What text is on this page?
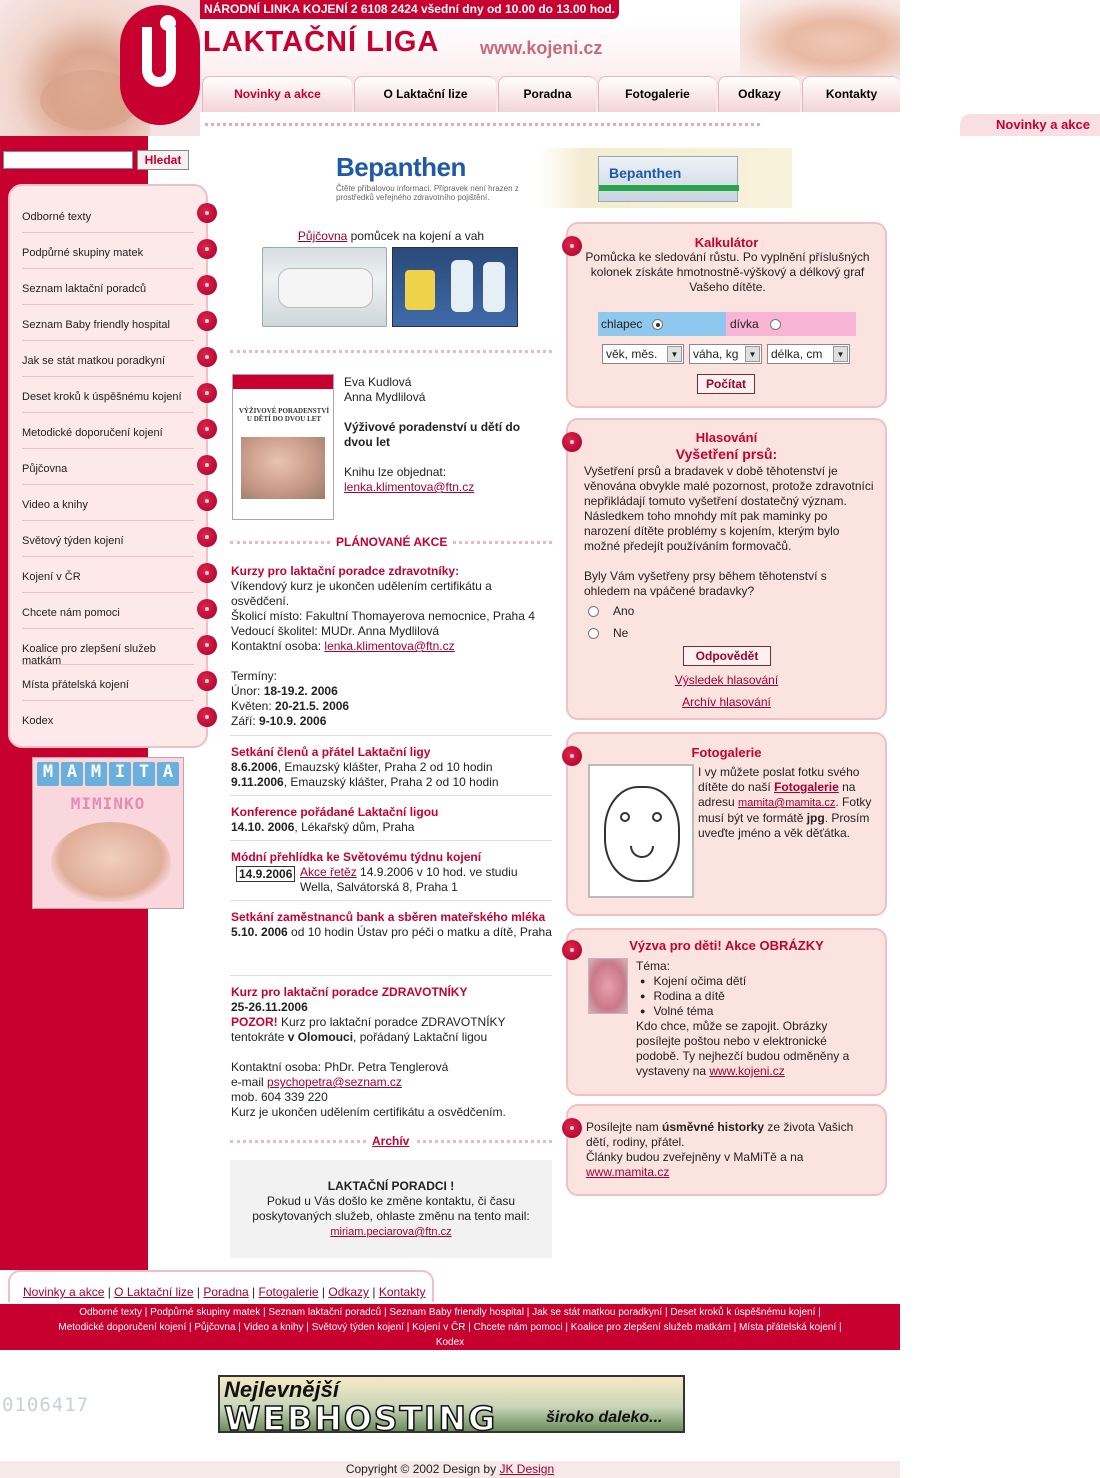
NÁRODNÍ LINKA KOJENÍ 2 6108 2424 všední dny od 10.00 do 13.00 hod.
LAKTAČNÍ LIGA www.kojeni.cz
Novinky a akce	O Laktační lize	Poradna	Fotogalerie	Odkazy	Kontakty
Novinky a akce
Hledat
Odborné texty
Podpůrné skupiny matek
Seznam laktační poradců
Seznam Baby friendly hospital
Jak se stát matkou poradkyní
Deset kroků k úspěšnému kojení
Metodické doporučení kojení
Půjčovna
Video a knihy
Světový týden kojení
Kojení v ČR
Chcete nám pomoci
Koalice pro zlepšení služeb matkám
Místa přátelská kojení
Kodex
M A M I T A
MIMINKO
Bepanthen
Čtěte příbalovou informaci. Přípravek není hrazen z prostředků veřejného zdravotního pojištění.
Bepanthen
Půjčovna pomůcek na kojení a vah
VÝŽIVOVÉ PORADENSTVÍ U DĚTÍ DO DVOU LET
Eva Kudlová
Anna Mydlilová
Výživové poradenství u dětí do dvou let
Knihu lze objednat:
lenka.klimentova@ftn.cz
PLÁNOVANÉ AKCE
Kurzy pro laktační poradce zdravotníky:
Víkendový kurz je ukončen udělením certifikátu a osvědčení.
Školicí místo: Fakultní Thomayerova nemocnice, Praha 4
Vedoucí školitel: MUDr. Anna Mydlilová
Kontaktní osoba: lenka.klimentova@ftn.cz
Termíny:
Únor: 18-19.2. 2006
Květen: 20-21.5. 2006
Září: 9-10.9. 2006
Setkání členů a přátel Laktační ligy
8.6.2006, Emauzský klášter, Praha 2 od 10 hodin
9.11.2006, Emauzský klášter, Praha 2 od 10 hodin
Konference pořádané Laktační ligou
14.10. 2006, Lékařský dům, Praha
Módní přehlídka ke Světovému týdnu kojení
14.9.2006 Akce řetěz 14.9.2006 v 10 hod. ve studiu
Wella, Salvátorská 8, Praha 1
Setkání zaměstnanců bank a sběren mateřského mléka
5.10. 2006 od 10 hodin Ústav pro péči o matku a dítě, Praha
Kurz pro laktační poradce ZDRAVOTNÍKY
25-26.11.2006
POZOR! Kurz pro laktační poradce ZDRAVOTNÍKY
tentokráte v Olomouci, pořádaný Laktační ligou
Kontaktní osoba: PhDr. Petra Tenglerová
e-mail psychopetra@seznam.cz
mob. 604 339 220
Kurz je ukončen udělením certifikátu a osvědčením.
Archív
LAKTAČNÍ PORADCI !
Pokud u Vás došlo ke změne kontaktu, či času poskytovaných služeb, ohlaste změnu na tento mail:
miriam.peciarova@ftn.cz
Kalkulátor
Pomůcka ke sledování růstu. Po vyplnění příslušných kolonek získáte hmotnostně-výškový a délkový graf Vašeho dítěte.
chlapec	dívka
věk, měs.	▼	váha, kg	▼	délka, cm	▼
Počítat
Hlasování
Vyšetření prsů:
Vyšetření prsů a bradavek v době těhotenství je věnována obvykle malé pozornost, protože zdravotníci nepřikládají tomuto vyšetření dostatečný význam. Následkem toho mnohdy mít pak maminky po narození dítěte problémy s kojením, kterým bylo možné předejít používáním formovačů.
Byly Vám vyšetřeny prsy během těhotenství s ohledem na vpáčené bradavky?
Ano
Ne
Odpovědět
Výsledek hlasování
Archív hlasování
Fotogalerie
I vy můžete poslat fotku svého dítěte do naší Fotogalerie na adresu mamita@mamita.cz. Fotky musí být ve formátě jpg. Prosím uveďte jméno a věk děťátka.
Výzva pro děti! Akce OBRÁZKY
Téma:
● Kojení očima dětí
● Rodina a dítě
● Volné téma
Kdo chce, může se zapojit. Obrázky posílejte poštou nebo v elektronické podobě. Ty nejhezčí budou odměněny a vystaveny na www.kojeni.cz
Posílejte nam úsměvné historky ze života Vašich dětí, rodiny, přátel.
Články budou zveřejněny v MaMiTě a na
www.mamita.cz
Novinky a akce | O Laktační lize | Poradna | Fotogalerie | Odkazy | Kontakty
Odborné texty | Podpůrné skupiny matek | Seznam laktační poradců | Seznam Baby friendly hospital | Jak se stát matkou poradkyní | Deset kroků k úspěšnému kojení |
Metodické doporučení kojení | Půjčovna | Video a knihy | Světový týden kojení | Kojení v ČR | Chcete nám pomoci | Koalice pro zlepšení služeb matkám | Místa přátelská kojení |
Kodex
0106417
Nejlevnější
WEBHOSTING	široko daleko...
Copyright © 2002 Design by JK Design
